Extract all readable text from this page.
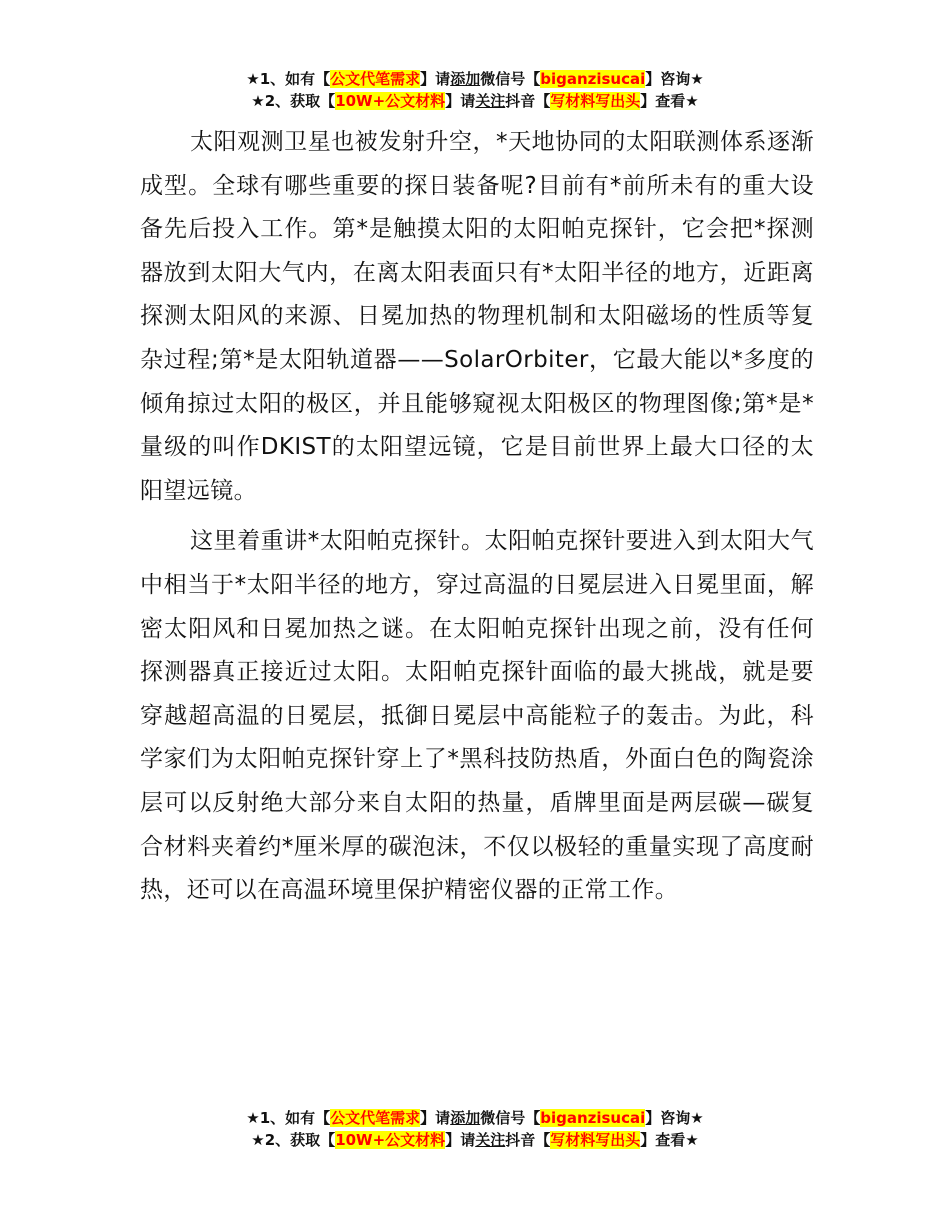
★1、如有【公文代笔需求】请添加微信号【biganzisucai】咨询★
★2、获取【10W+公文材料】请关注抖音【写材料写出头】查看★

太阳观测卫星也被发射升空，*天地协同的太阳联测体系逐渐成型。全球有哪些重要的探日装备呢?目前有*前所未有的重大设备先后投入工作。第*是触摸太阳的太阳帕克探针，它会把*探测器放到太阳大气内，在离太阳表面只有*太阳半径的地方，近距离探测太阳风的来源、日冕加热的物理机制和太阳磁场的性质等复杂过程;第*是太阳轨道器——SolarOrbiter，它最大能以*多度的倾角掠过太阳的极区，并且能够窥视太阳极区的物理图像;第*是*量级的叫作DKIST的太阳望远镜，它是目前世界上最大口径的太阳望远镜。

这里着重讲*太阳帕克探针。太阳帕克探针要进入到太阳大气中相当于*太阳半径的地方，穿过高温的日冕层进入日冕里面，解密太阳风和日冕加热之谜。在太阳帕克探针出现之前，没有任何探测器真正接近过太阳。太阳帕克探针面临的最大挑战，就是要穿越超高温的日冕层，抵御日冕层中高能粒子的轰击。为此，科学家们为太阳帕克探针穿上了*黑科技防热盾，外面白色的陶瓷涂层可以反射绝大部分来自太阳的热量，盾牌里面是两层碳—碳复合材料夹着约*厘米厚的碳泡沫，不仅以极轻的重量实现了高度耐热，还可以在高温环境里保护精密仪器的正常工作。

★1、如有【公文代笔需求】请添加微信号【biganzisucai】咨询★
★2、获取【10W+公文材料】请关注抖音【写材料写出头】查看★
